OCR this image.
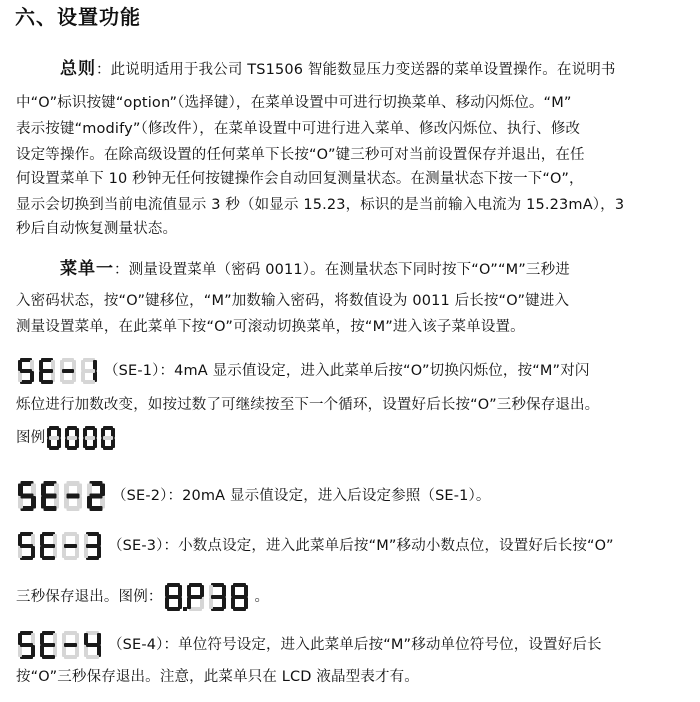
六、设置功能
总则：此说明适用于我公司 TS1506 智能数显压力变送器的菜单设置操作。在说明书
中“O”标识按键“option”（选择键），在菜单设置中可进行切换菜单、移动闪烁位。“M”
表示按键“modify”（修改件），在菜单设置中可进行进入菜单、修改闪烁位、执行、修改
设定等操作。在除高级设置的任何菜单下长按“O”键三秒可对当前设置保存并退出，在任
何设置菜单下 10 秒钟无任何按键操作会自动回复测量状态。在测量状态下按一下“O”，
显示会切换到当前电流值显示 3 秒（如显示 15.23，标识的是当前输入电流为 15.23mA），3
秒后自动恢复测量状态。
菜单一：测量设置菜单（密码 0011）。在测量状态下同时按下“O”“M”三秒进
入密码状态，按“O”键移位，“M”加数输入密码，将数值设为 0011 后长按“O”键进入
测量设置菜单，在此菜单下按“O”可滚动切换菜单，按“M”进入该子菜单设置。
（SE-1）：4mA 显示值设定，进入此菜单后按“O”切换闪烁位，按“M”对闪
烁位进行加数改变，如按过数了可继续按至下一个循环，设置好后长按“O”三秒保存退出。
图例
（SE-2）：20mA 显示值设定，进入后设定参照（SE-1）。
（SE-3）：小数点设定，进入此菜单后按“M”移动小数点位，设置好后长按“O”
三秒保存退出。图例：	。
（SE-4）：单位符号设定，进入此菜单后按“M”移动单位符号位，设置好后长
按“O”三秒保存退出。注意，此菜单只在 LCD 液晶型表才有。
